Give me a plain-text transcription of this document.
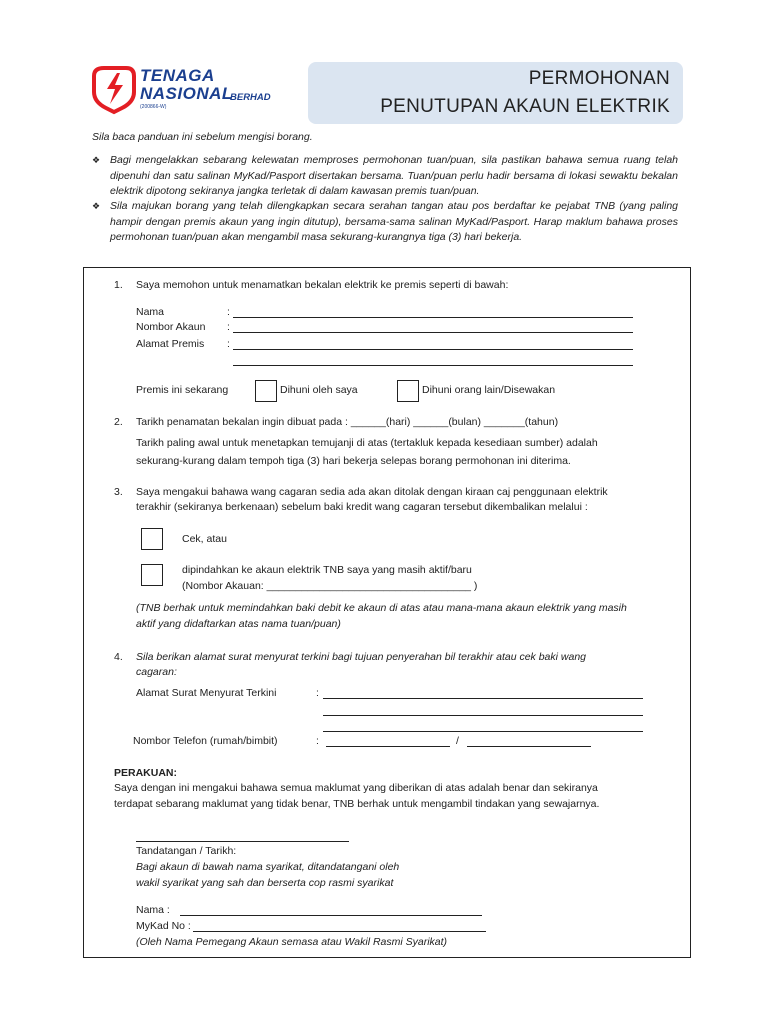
TENAGA
NASIONAL
BERHAD
(200866-W)
PERMOHONAN
PENUTUPAN AKAUN ELEKTRIK
Sila baca panduan ini sebelum mengisi borang.
❖ Bagi mengelakkan sebarang kelewatan memproses permohonan tuan/puan, sila pastikan bahawa semua ruang telah dipenuhi dan satu salinan MyKad/Pasport disertakan bersama. Tuan/puan perlu hadir bersama di lokasi sewaktu bekalan elektrik dipotong sekiranya jangka terletak di dalam kawasan premis tuan/puan.
❖ Sila majukan borang yang telah dilengkapkan secara serahan tangan atau pos berdaftar ke pejabat TNB (yang paling hampir dengan premis akaun yang ingin ditutup), bersama-sama salinan MyKad/Pasport. Harap maklum bahawa proses permohonan tuan/puan akan mengambil masa sekurang-kurangnya tiga (3) hari bekerja.
1. Saya memohon untuk menamatkan bekalan elektrik ke premis seperti di bawah:
Nama	:
Nombor Akaun :
Alamat Premis :
Premis ini sekarang	Dihuni oleh saya	Dihuni orang lain/Disewakan
2. Tarikh penamatan bekalan ingin dibuat pada : ______(hari) ______(bulan) _______(tahun)
Tarikh paling awal untuk menetapkan temujanji di atas (tertakluk kepada kesediaan sumber) adalah
sekurang-kurang dalam tempoh tiga (3) hari bekerja selepas borang permohonan ini diterima.
3. Saya mengakui bahawa wang cagaran sedia ada akan ditolak dengan kiraan caj penggunaan elektrik
terakhir (sekiranya berkenaan) sebelum baki kredit wang cagaran tersebut dikembalikan melalui :
Cek, atau
dipindahkan ke akaun elektrik TNB saya yang masih aktif/baru
(Nombor Akauan: ___________________________________ )
(TNB berhak untuk memindahkan baki debit ke akaun di atas atau mana-mana akaun elektrik yang masih
aktif yang didaftarkan atas nama tuan/puan)
4. Sila berikan alamat surat menyurat terkini bagi tujuan penyerahan bil terakhir atau cek baki wang
cagaran:
Alamat Surat Menyurat Terkini	:
Nombor Telefon (rumah/bimbit)	:	/
PERAKUAN:
Saya dengan ini mengakui bahawa semua maklumat yang diberikan di atas adalah benar dan sekiranya
terdapat sebarang maklumat yang tidak benar, TNB berhak untuk mengambil tindakan yang sewajarnya.
Tandatangan / Tarikh:
Bagi akaun di bawah nama syarikat, ditandatangani oleh
wakil syarikat yang sah dan berserta cop rasmi syarikat
Nama :
MyKad No :
(Oleh Nama Pemegang Akaun semasa atau Wakil Rasmi Syarikat)
